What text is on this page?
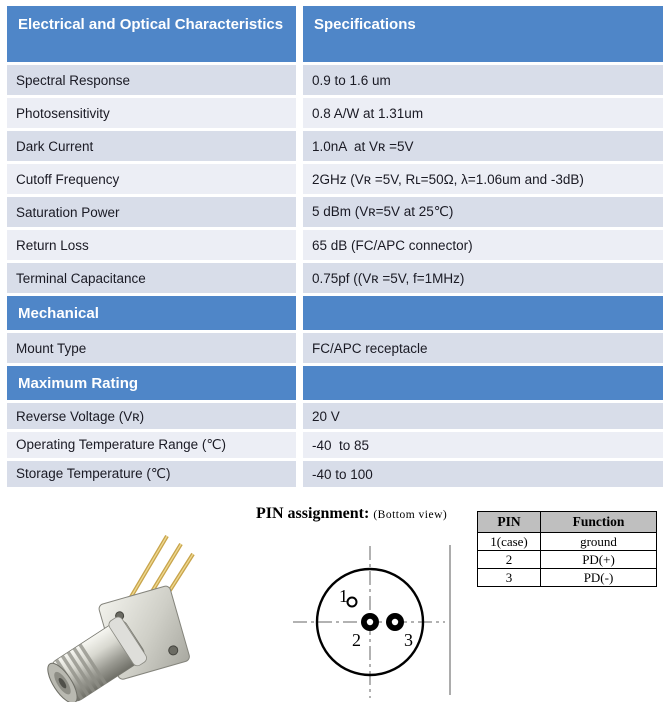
Electrical and Optical Characteristics	Specifications
Spectral Response	0.9 to 1.6 um
Photosensitivity	0.8 A/W at 1.31um
Dark Current	1.0nA  at Vʀ =5V
Cutoff Frequency	2GHᴢ (Vʀ =5V, Rʟ=50Ω, λ=1.06um and -3dB)
Saturation Power	5 dBm (Vʀ=5V at 25℃)
Return Loss	65 dB (FC/APC connector)
Terminal Capacitance	0.75pf ((Vʀ =5V, f=1MHᴢ)
Mechanical
Mount Type	FC/APC receptacle
Maximum Rating
Reverse Voltage (Vʀ)	20 V
Operating Temperature Range (℃)	-40  to 85
Storage Temperature (℃)	-40 to 100
PIN assignment: (Bottom view)
1
2 3
PIN	Function
1(case)	ground
2	PD(+)
3	PD(-)
